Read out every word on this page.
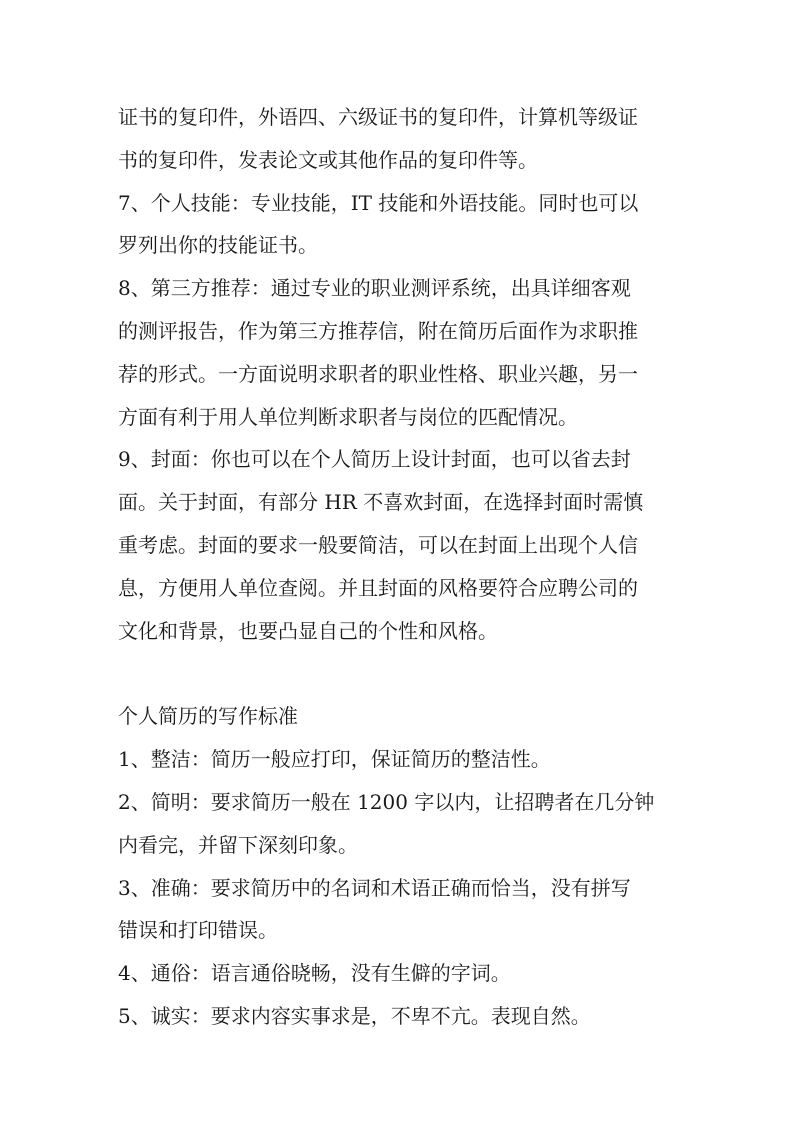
证书的复印件，外语四、六级证书的复印件，计算机等级证
书的复印件，发表论文或其他作品的复印件等。
7、个人技能：专业技能，IT 技能和外语技能。同时也可以
罗列出你的技能证书。
8、第三方推荐：通过专业的职业测评系统，出具详细客观
的测评报告，作为第三方推荐信，附在简历后面作为求职推
荐的形式。一方面说明求职者的职业性格、职业兴趣，另一
方面有利于用人单位判断求职者与岗位的匹配情况。
9、封面：你也可以在个人简历上设计封面，也可以省去封
面。关于封面，有部分 HR 不喜欢封面，在选择封面时需慎
重考虑。封面的要求一般要简洁，可以在封面上出现个人信
息，方便用人单位查阅。并且封面的风格要符合应聘公司的
文化和背景，也要凸显自己的个性和风格。
个人简历的写作标准
1、整洁：简历一般应打印，保证简历的整洁性。
2、简明：要求简历一般在 1200 字以内，让招聘者在几分钟
内看完，并留下深刻印象。
3、准确：要求简历中的名词和术语正确而恰当，没有拼写
错误和打印错误。
4、通俗：语言通俗晓畅，没有生僻的字词。
5、诚实：要求内容实事求是，不卑不亢。表现自然。
